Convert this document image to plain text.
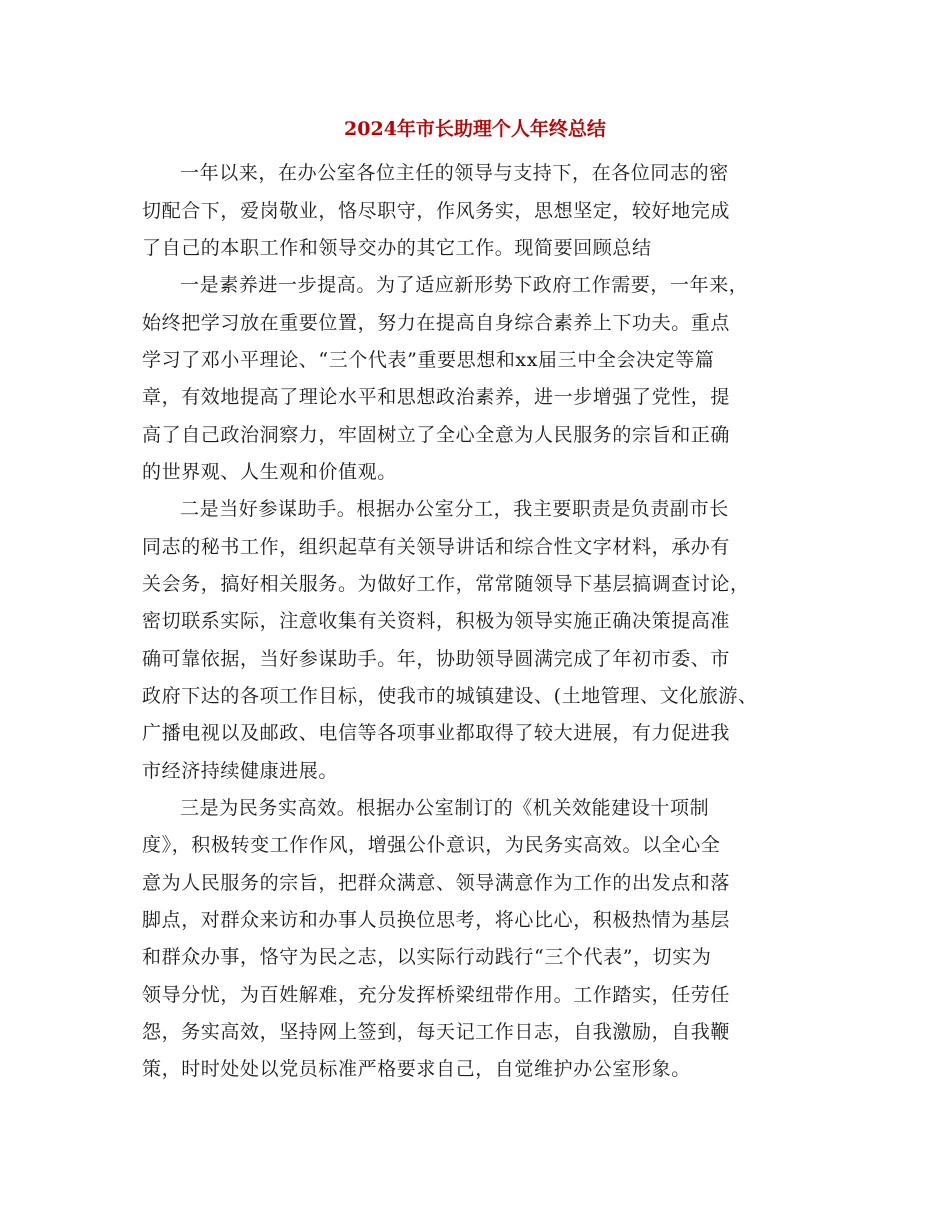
2024年市长助理个人年终总结

一年以来，在办公室各位主任的领导与支持下，在各位同志的密

切配合下，爱岗敬业，恪尽职守，作风务实，思想坚定，较好地完成

了自己的本职工作和领导交办的其它工作。现简要回顾总结

一是素养进一步提高。为了适应新形势下政府工作需要，一年来，

始终把学习放在重要位置，努力在提高自身综合素养上下功夫。重点

学习了邓小平理论、“三个代表”重要思想和xx届三中全会决定等篇

章，有效地提高了理论水平和思想政治素养，进一步增强了党性，提

高了自己政治洞察力，牢固树立了全心全意为人民服务的宗旨和正确

的世界观、人生观和价值观。

二是当好参谋助手。根据办公室分工，我主要职责是负责副市长

同志的秘书工作，组织起草有关领导讲话和综合性文字材料，承办有

关会务，搞好相关服务。为做好工作，常常随领导下基层搞调查讨论，

密切联系实际，注意收集有关资料，积极为领导实施正确决策提高准

确可靠依据，当好参谋助手。年，协助领导圆满完成了年初市委、市

政府下达的各项工作目标，使我市的城镇建设、(土地管理、文化旅游、

广播电视以及邮政、电信等各项事业都取得了较大进展，有力促进我

市经济持续健康进展。

三是为民务实高效。根据办公室制订的《机关效能建设十项制

度》，积极转变工作作风，增强公仆意识，为民务实高效。以全心全

意为人民服务的宗旨，把群众满意、领导满意作为工作的出发点和落

脚点，对群众来访和办事人员换位思考，将心比心，积极热情为基层

和群众办事，恪守为民之志，以实际行动践行“三个代表”，切实为

领导分忧，为百姓解难，充分发挥桥梁纽带作用。工作踏实，任劳任

怨，务实高效，坚持网上签到，每天记工作日志，自我激励，自我鞭

策，时时处处以党员标准严格要求自己，自觉维护办公室形象。
